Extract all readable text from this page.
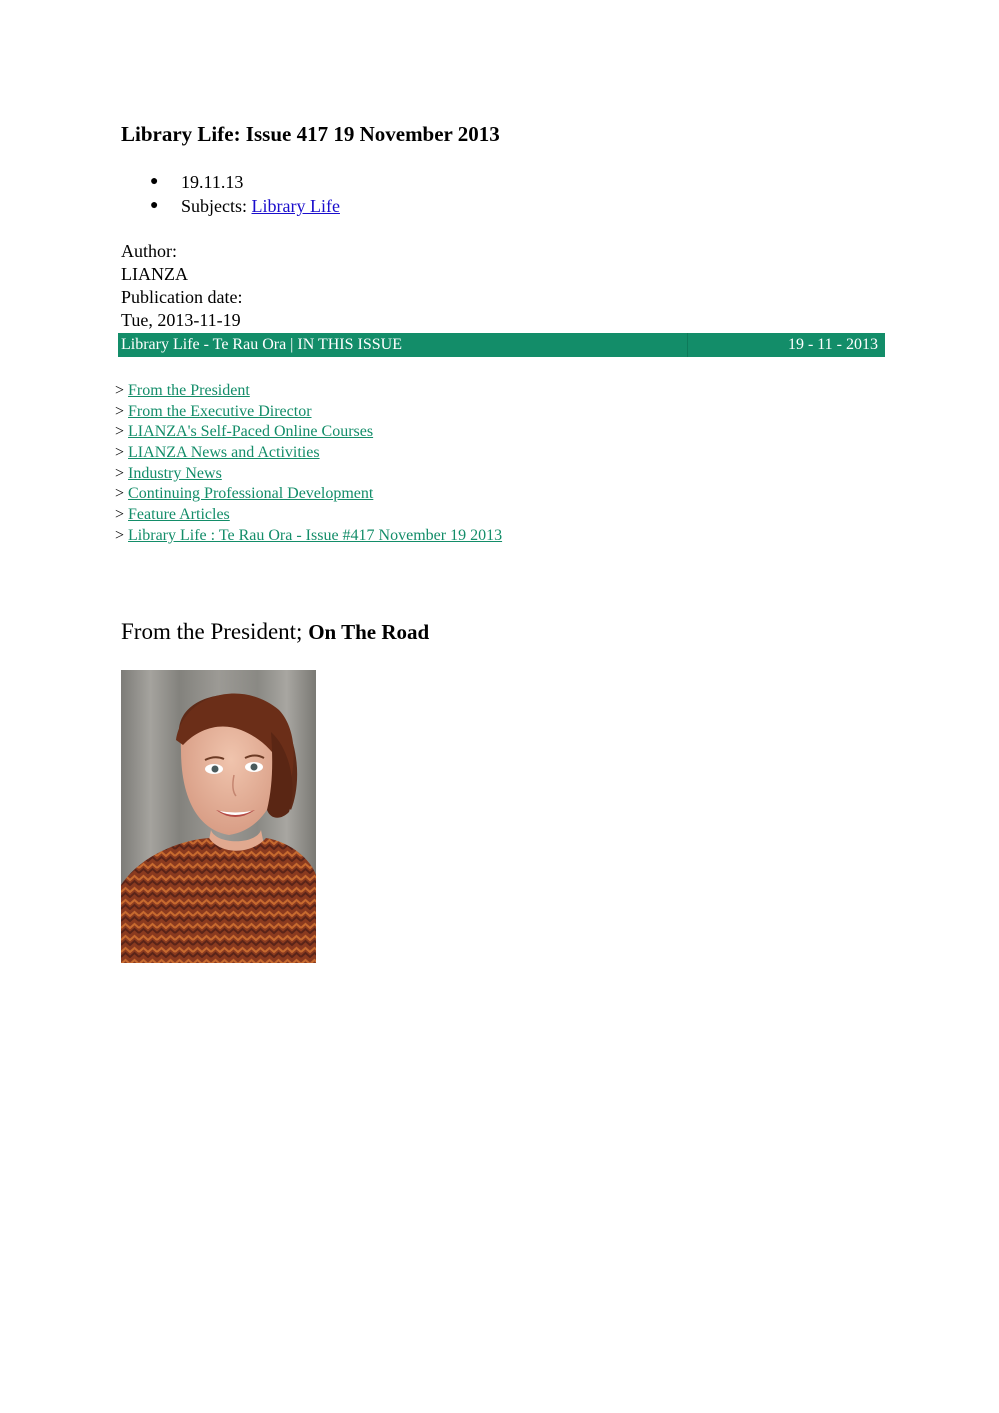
Library Life: Issue 417 19 November 2013
● 19.11.13
● Subjects: Library Life
Author:
LIANZA
Publication date:
Tue, 2013-11-19
Library Life - Te Rau Ora | IN THIS ISSUE	19 - 11 - 2013
> From the President
> From the Executive Director
> LIANZA's Self-Paced Online Courses
> LIANZA News and Activities
> Industry News
> Continuing Professional Development
> Feature Articles
> Library Life : Te Rau Ora - Issue #417 November 19 2013
From the President; On The Road
